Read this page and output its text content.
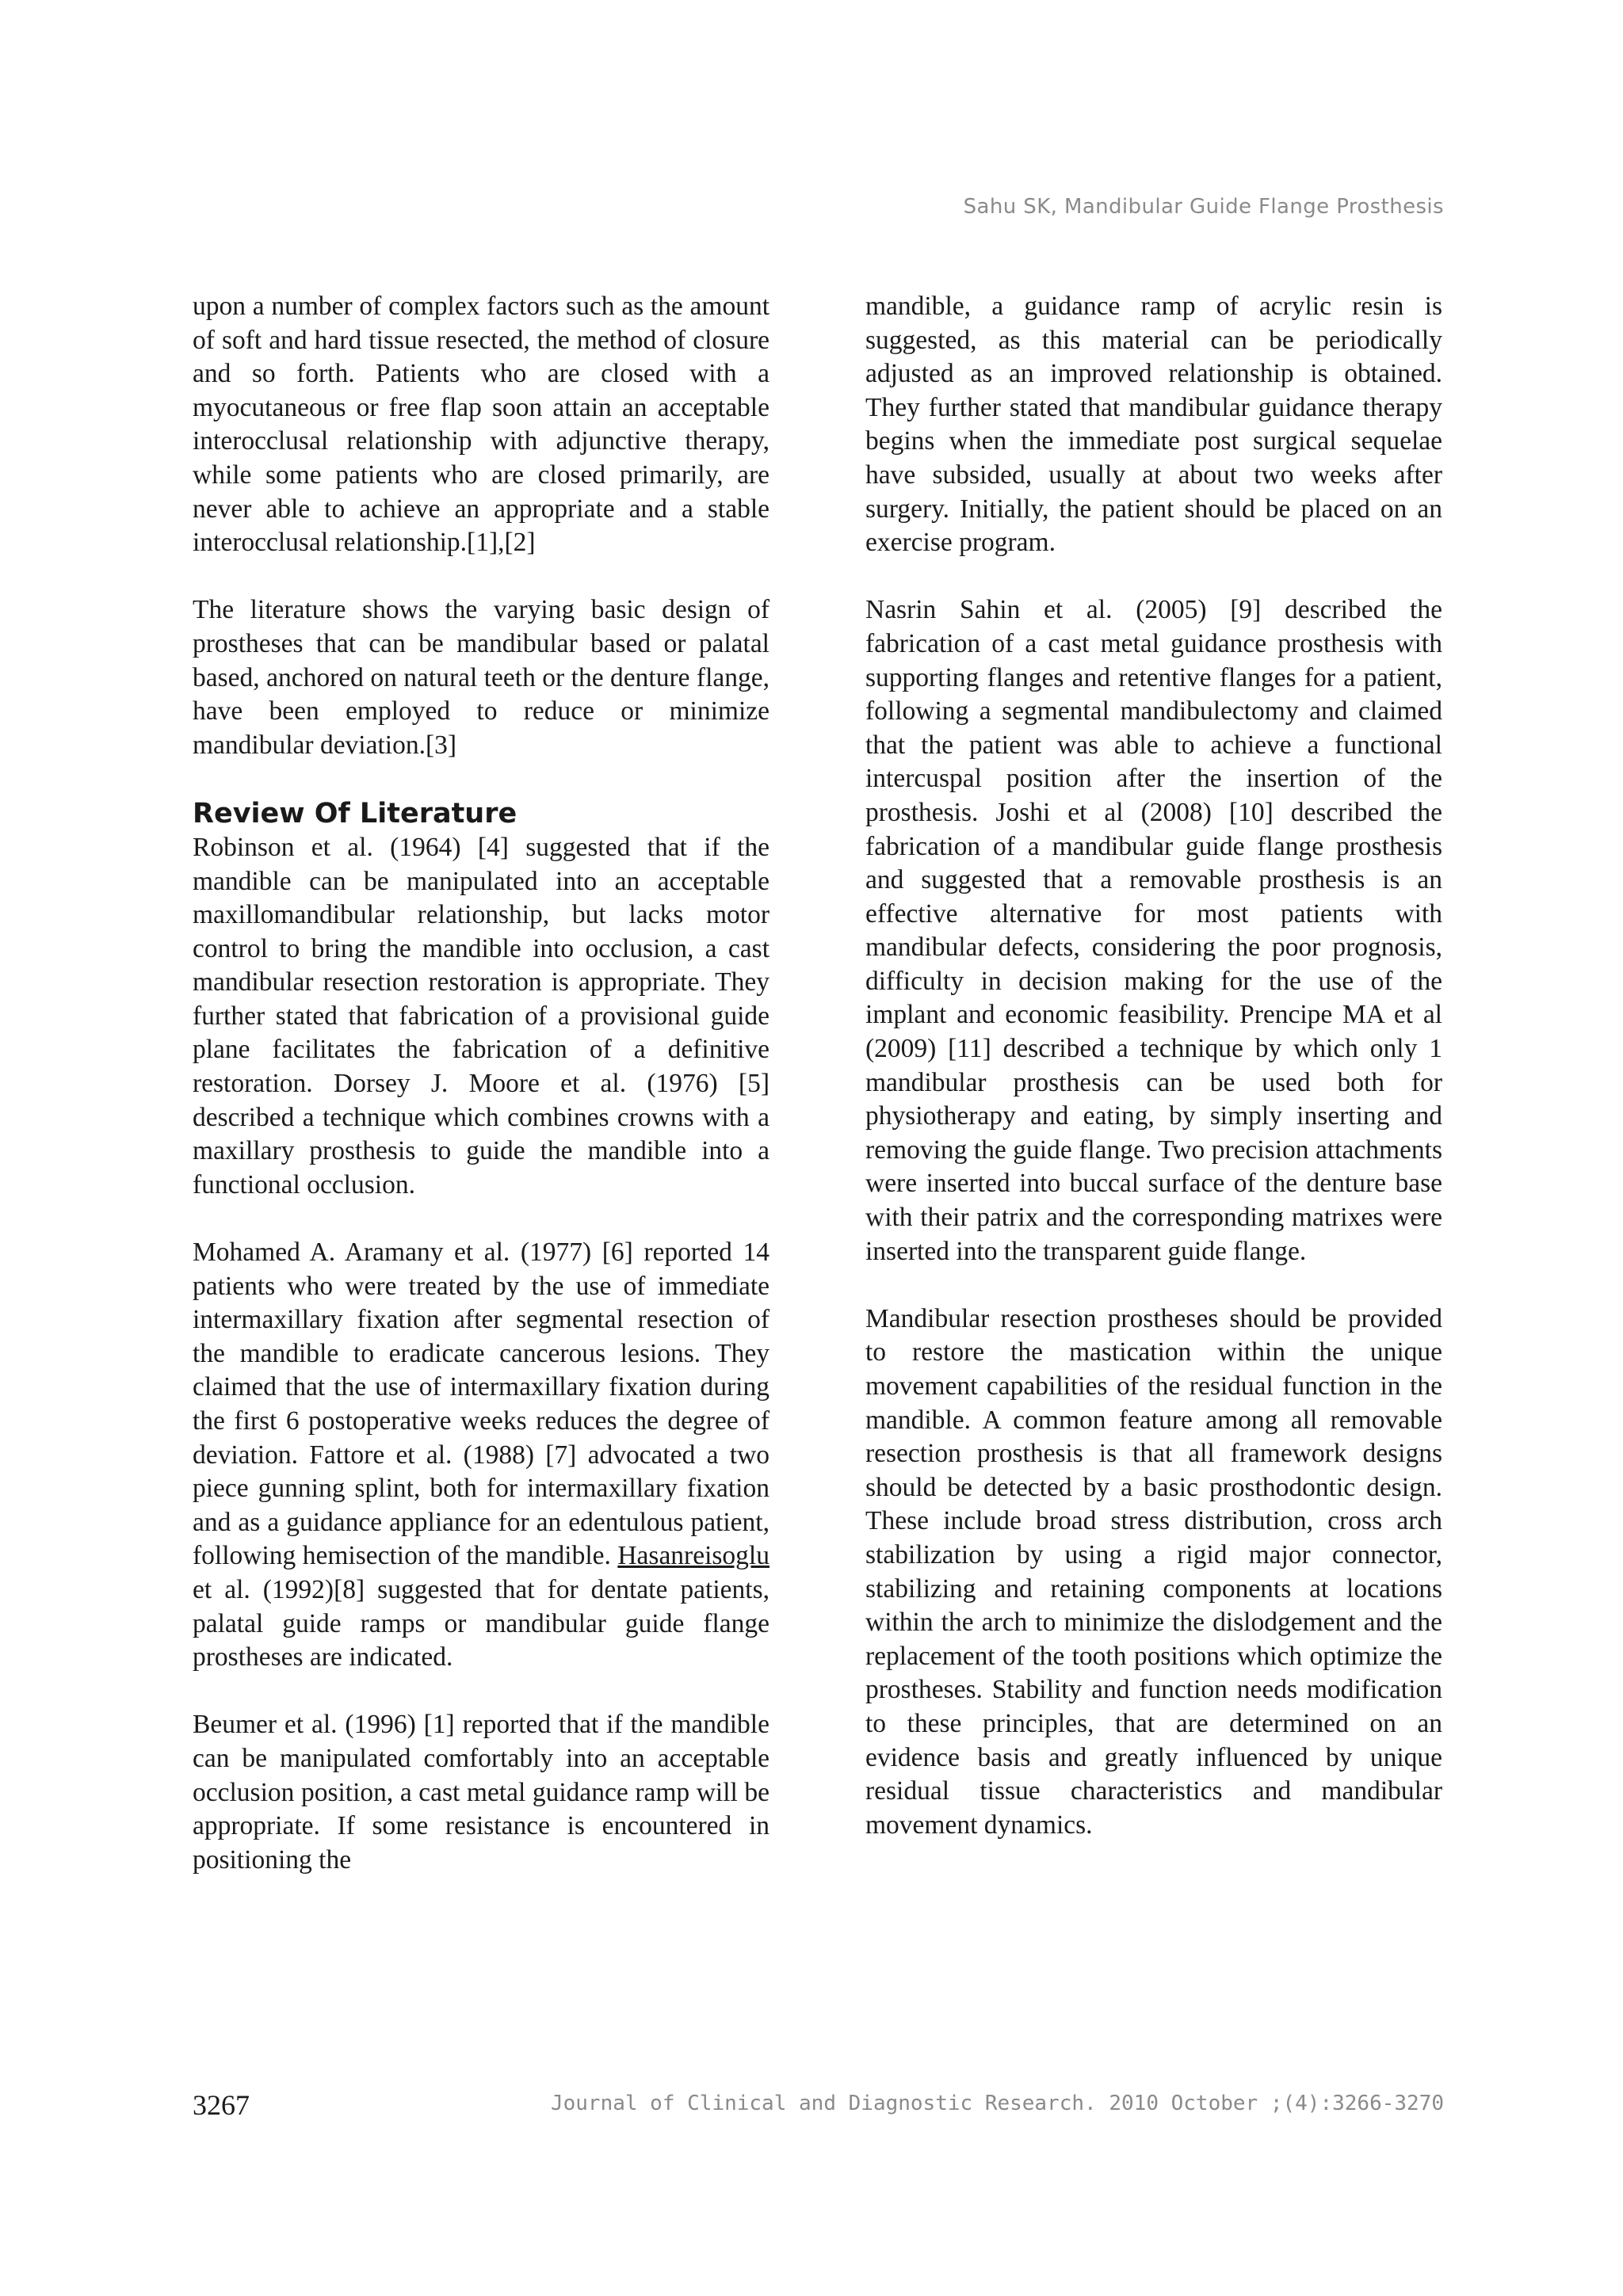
Sahu SK, Mandibular Guide Flange Prosthesis

upon a number of complex factors such as the amount of soft and hard tissue resected, the method of closure and so forth. Patients who are closed with a myocutaneous or free flap soon attain an acceptable interocclusal relationship with adjunctive therapy, while some patients who are closed primarily, are never able to achieve an appropriate and a stable interocclusal relationship.[1],[2]

The literature shows the varying basic design of prostheses that can be mandibular based or palatal based, anchored on natural teeth or the denture flange, have been employed to reduce or minimize mandibular deviation.[3]

Review Of Literature

Robinson et al. (1964) [4] suggested that if the mandible can be manipulated into an acceptable maxillomandibular relationship, but lacks motor control to bring the mandible into occlusion, a cast mandibular resection restoration is appropriate. They further stated that fabrication of a provisional guide plane facilitates the fabrication of a definitive restoration. Dorsey J. Moore et al. (1976) [5] described a technique which combines crowns with a maxillary prosthesis to guide the mandible into a functional occlusion.

Mohamed A. Aramany et al. (1977) [6] reported 14 patients who were treated by the use of immediate intermaxillary fixation after segmental resection of the mandible to eradicate cancerous lesions. They claimed that the use of intermaxillary fixation during the first 6 postoperative weeks reduces the degree of deviation. Fattore et al. (1988) [7] advocated a two piece gunning splint, both for intermaxillary fixation and as a guidance appliance for an edentulous patient, following hemisection of the mandible. Hasanreisoglu et al. (1992)[8] suggested that for dentate patients, palatal guide ramps or mandibular guide flange prostheses are indicated.

Beumer et al. (1996) [1] reported that if the mandible can be manipulated comfortably into an acceptable occlusion position, a cast metal guidance ramp will be appropriate. If some resistance is encountered in positioning the

mandible, a guidance ramp of acrylic resin is suggested, as this material can be periodically adjusted as an improved relationship is obtained. They further stated that mandibular guidance therapy begins when the immediate post surgical sequelae have subsided, usually at about two weeks after surgery. Initially, the patient should be placed on an exercise program.

Nasrin Sahin et al. (2005) [9] described the fabrication of a cast metal guidance prosthesis with supporting flanges and retentive flanges for a patient, following a segmental mandibulectomy and claimed that the patient was able to achieve a functional intercuspal position after the insertion of the prosthesis. Joshi et al (2008) [10] described the fabrication of a mandibular guide flange prosthesis and suggested that a removable prosthesis is an effective alternative for most patients with mandibular defects, considering the poor prognosis, difficulty in decision making for the use of the implant and economic feasibility. Prencipe MA et al (2009) [11] described a technique by which only 1 mandibular prosthesis can be used both for physiotherapy and eating, by simply inserting and removing the guide flange. Two precision attachments were inserted into buccal surface of the denture base with their patrix and the corresponding matrixes were inserted into the transparent guide flange.

Mandibular resection prostheses should be provided to restore the mastication within the unique movement capabilities of the residual function in the mandible. A common feature among all removable resection prosthesis is that all framework designs should be detected by a basic prosthodontic design. These include broad stress distribution, cross arch stabilization by using a rigid major connector, stabilizing and retaining components at locations within the arch to minimize the dislodgement and the replacement of the tooth positions which optimize the prostheses. Stability and function needs modification to these principles, that are determined on an evidence basis and greatly influenced by unique residual tissue characteristics and mandibular movement dynamics.

3267	Journal of Clinical and Diagnostic Research. 2010 October ;(4):3266-3270
